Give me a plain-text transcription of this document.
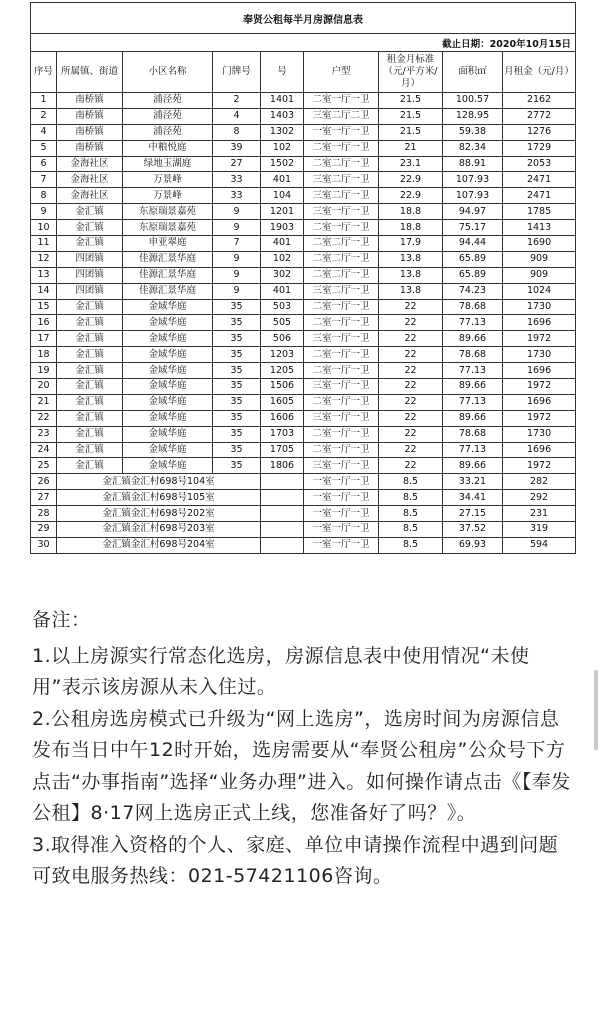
奉贤公租每半月房源信息表								
截止日期：2020年10月15日								
序号	所属镇、街道	小区名称	门牌号	号	户型	租金月标准（元/平方米/月）	面积㎡	月租金（元/月）
1	南桥镇	浦泾苑	2	1401	二室一厅一卫	21.5	100.57	2162
2	南桥镇	浦泾苑	4	1403	三室二厅二卫	21.5	128.95	2772
4	南桥镇	浦泾苑	8	1302	一室一厅一卫	21.5	59.38	1276
5	南桥镇	中粮悦庭	39	102	二室一厅一卫	21	82.34	1729
6	金海社区	绿地玉湖庭	27	1502	二室二厅一卫	23.1	88.91	2053
7	金海社区	万景峰	33	401	三室二厅一卫	22.9	107.93	2471
8	金海社区	万景峰	33	104	三室二厅一卫	22.9	107.93	2471
9	金汇镇	东原瑞景嘉苑	9	1201	三室一厅一卫	18.8	94.97	1785
10	金汇镇	东原瑞景嘉苑	9	1903	二室一厅一卫	18.8	75.17	1413
11	金汇镇	申亚翠庭	7	401	二室二厅一卫	17.9	94.44	1690
12	四团镇	佳源汇景华庭	9	102	二室二厅一卫	13.8	65.89	909
13	四团镇	佳源汇景华庭	9	302	二室二厅一卫	13.8	65.89	909
14	四团镇	佳源汇景华庭	9	401	三室二厅一卫	13.8	74.23	1024
15	金汇镇	金域华庭	35	503	二室一厅一卫	22	78.68	1730
16	金汇镇	金域华庭	35	505	二室一厅一卫	22	77.13	1696
17	金汇镇	金域华庭	35	506	三室一厅一卫	22	89.66	1972
18	金汇镇	金域华庭	35	1203	二室一厅一卫	22	78.68	1730
19	金汇镇	金域华庭	35	1205	二室一厅一卫	22	77.13	1696
20	金汇镇	金域华庭	35	1506	三室一厅一卫	22	89.66	1972
21	金汇镇	金域华庭	35	1605	二室一厅一卫	22	77.13	1696
22	金汇镇	金域华庭	35	1606	三室一厅一卫	22	89.66	1972
23	金汇镇	金域华庭	35	1703	二室一厅一卫	22	78.68	1730
24	金汇镇	金域华庭	35	1705	二室一厅一卫	22	77.13	1696
25	金汇镇	金域华庭	35	1806	三室一厅一卫	22	89.66	1972
26	金汇镇金汇村698号104室				一室一厅一卫	8.5	33.21	282
27	金汇镇金汇村698号105室				一室一厅一卫	8.5	34.41	292
28	金汇镇金汇村698号202室				一室一厅一卫	8.5	27.15	231
29	金汇镇金汇村698号203室				一室一厅一卫	8.5	37.52	319
30	金汇镇金汇村698号204室				一室一厅一卫	8.5	69.93	594

备注：

1.以上房源实行常态化选房，房源信息表中使用情况“未使用”表示该房源从未入住过。

2.公租房选房模式已升级为“网上选房”，选房时间为房源信息发布当日中午12时开始，选房需要从“奉贤公租房”公众号下方点击“办事指南”选择“业务办理”进入。如何操作请点击《【奉发公租】8·17网上选房正式上线，您准备好了吗？》。

3.取得准入资格的个人、家庭、单位申请操作流程中遇到问题可致电服务热线：021-57421106咨询。
